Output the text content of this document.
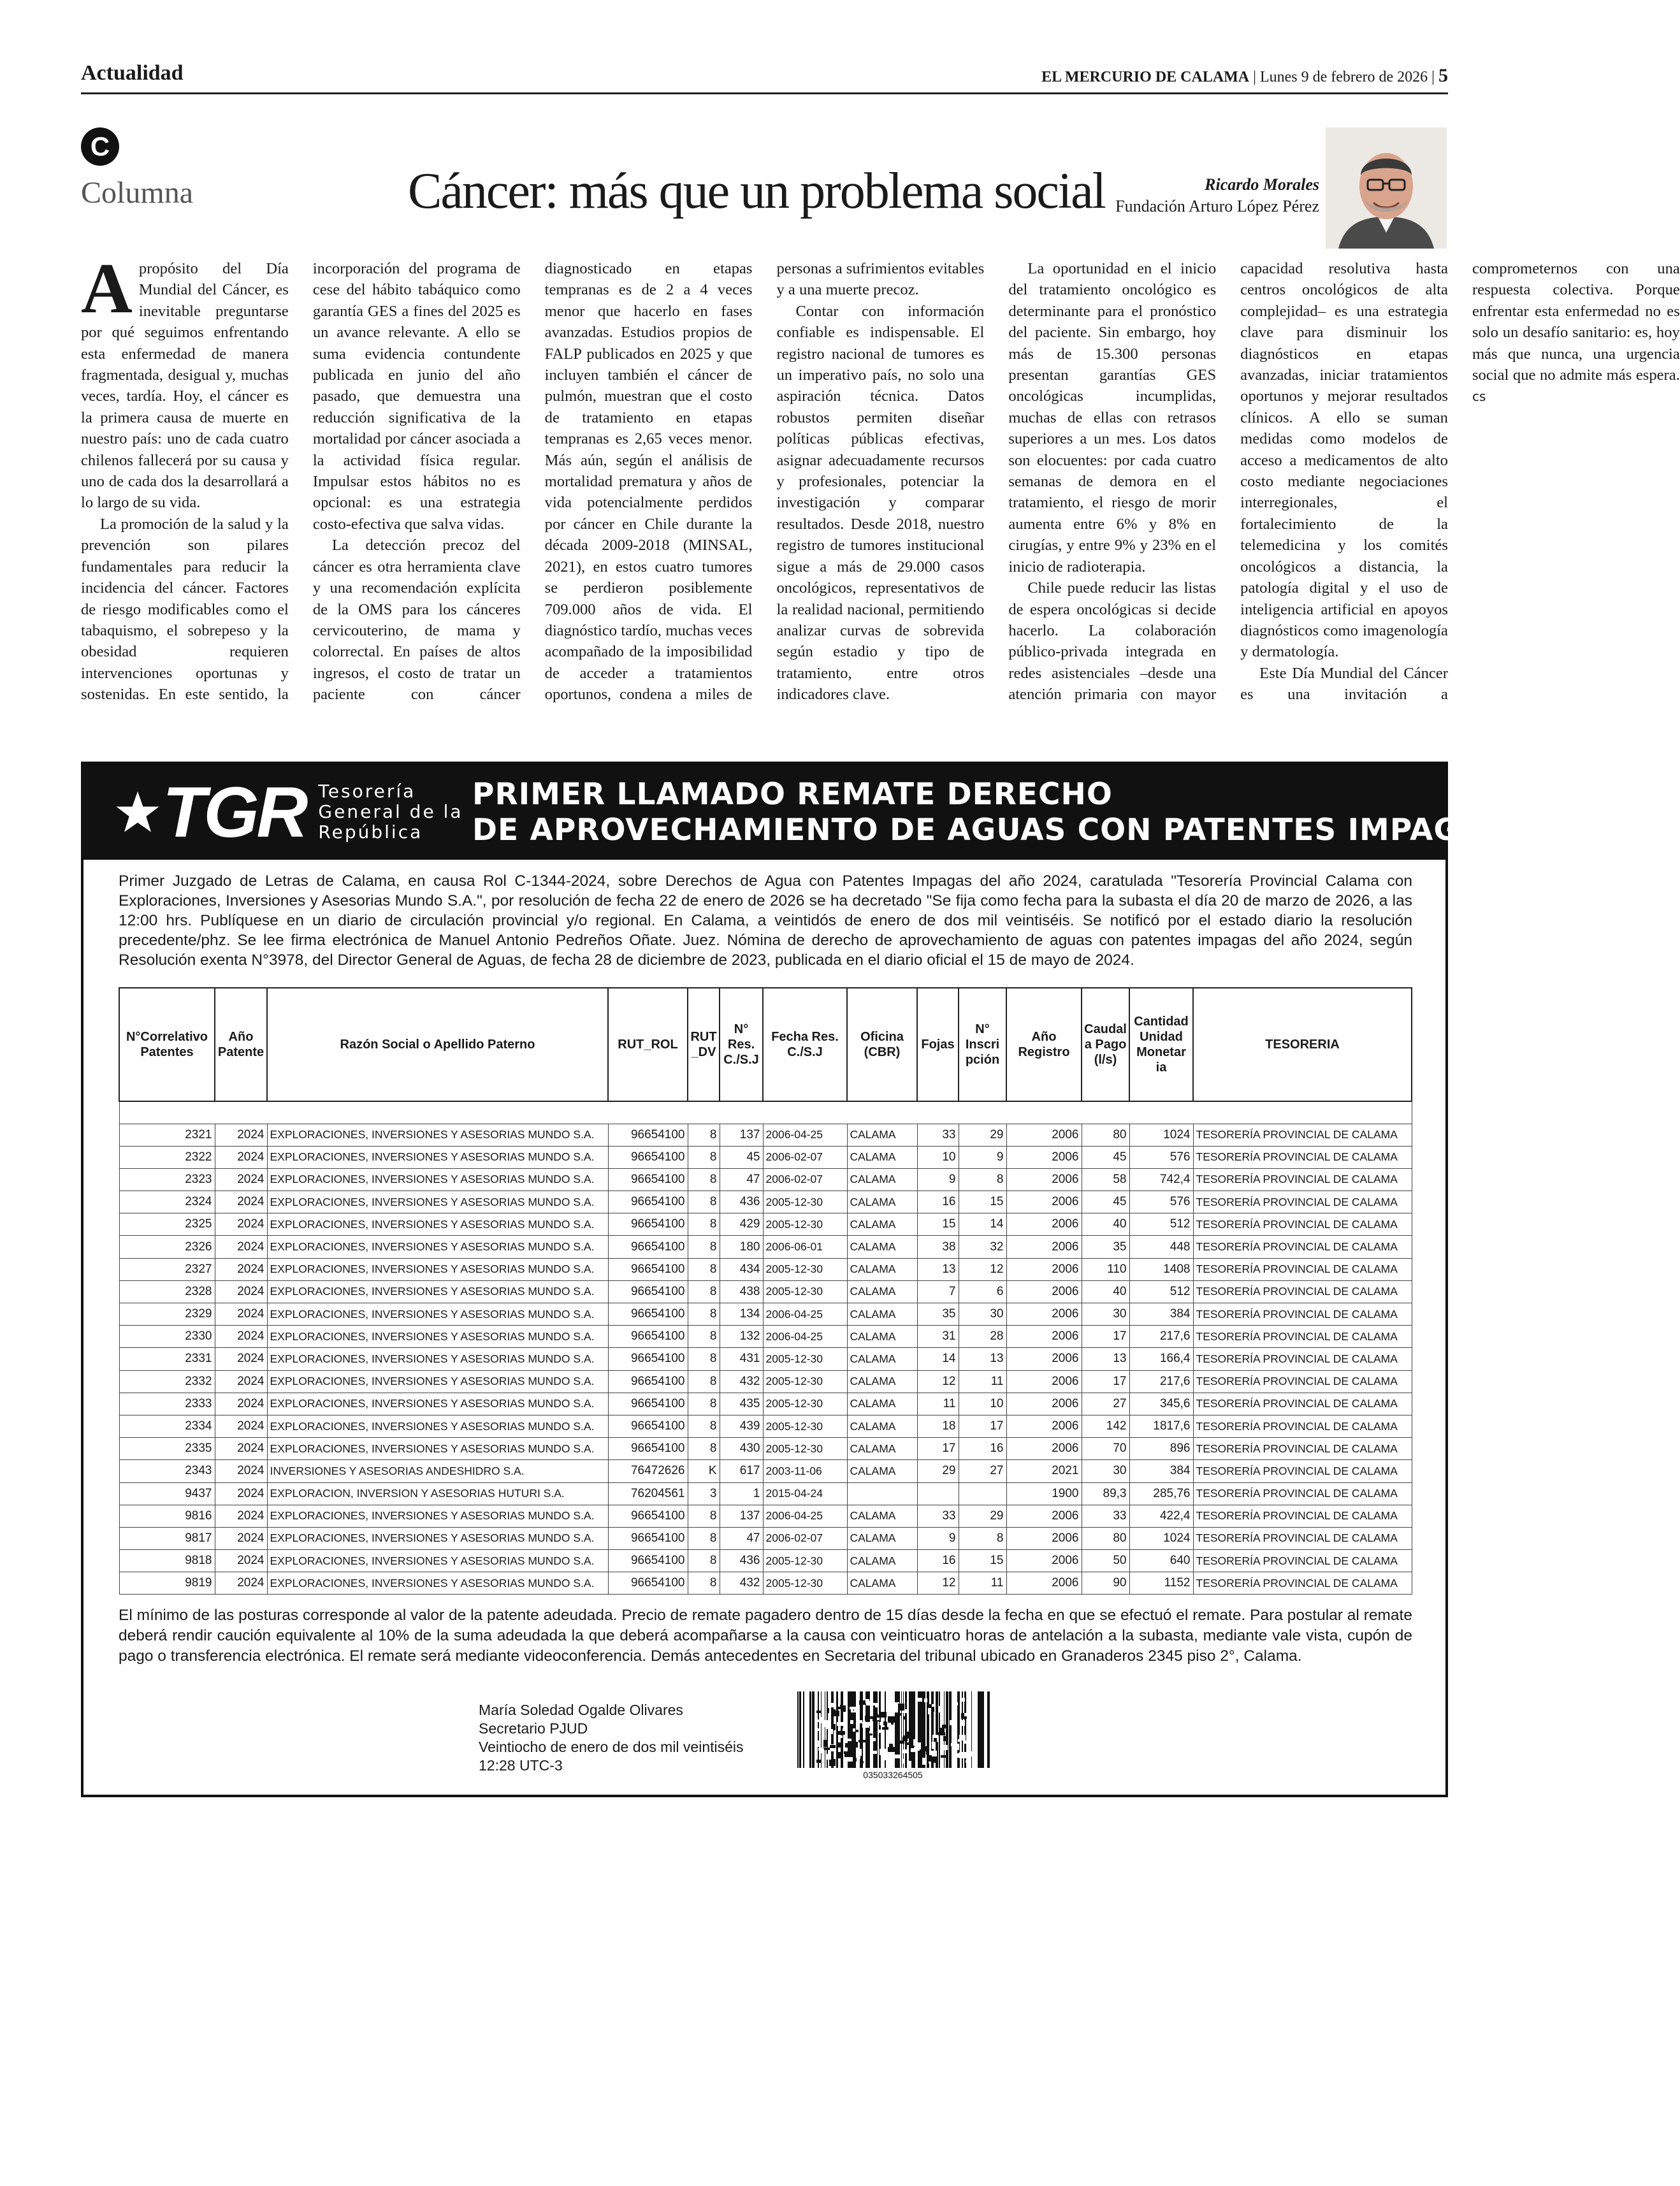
Actualidad	EL MERCURIO DE CALAMA | Lunes 9 de febrero de 2026 | 5
C
Columna	Cáncer: más que un problema social	Ricardo Morales
Fundación Arturo López Pérez

Apropósito del Día Mundial del Cáncer, es inevitable preguntarse por qué seguimos enfrentando esta enfermedad de manera fragmentada, desigual y, muchas veces, tardía. Hoy, el cáncer es la primera causa de muerte en nuestro país: uno de cada cuatro chilenos fallecerá por su causa y uno de cada dos la desarrollará a lo largo de su vida.

La promoción de la salud y la prevención son pilares fundamentales para reducir la incidencia del cáncer. Factores de riesgo modificables como el tabaquismo, el sobrepeso y la obesidad requieren intervenciones oportunas y sostenidas. En este sentido, la incorporación del programa de cese del hábito tabáquico como garantía GES a fines del 2025 es un avance relevante. A ello se suma evidencia contundente publicada en junio del año pasado, que demuestra una reducción significativa de la mortalidad por cáncer asociada a la actividad física regular. Impulsar estos hábitos no es opcional: es una estrategia costo-efectiva que salva vidas.

La detección precoz del cáncer es otra herramienta clave y una recomendación explícita de la OMS para los cánceres cervicouterino, de mama y colorrectal. En países de altos ingresos, el costo de tratar un paciente con cáncer diagnosticado en etapas tempranas es de 2 a 4 veces menor que hacerlo en fases avanzadas. Estudios propios de FALP publicados en 2025 y que incluyen también el cáncer de pulmón, muestran que el costo de tratamiento en etapas tempranas es 2,65 veces menor. Más aún, según el análisis de mortalidad prematura y años de vida potencialmente perdidos por cáncer en Chile durante la década 2009-2018 (MINSAL, 2021), en estos cuatro tumores se perdieron posiblemente 709.000 años de vida. El diagnóstico tardío, muchas veces acompañado de la imposibilidad de acceder a tratamientos oportunos, condena a miles de personas a sufrimientos evitables y a una muerte precoz.

Contar con información confiable es indispensable. El registro nacional de tumores es un imperativo país, no solo una aspiración técnica. Datos robustos permiten diseñar políticas públicas efectivas, asignar adecuadamente recursos y profesionales, potenciar la investigación y comparar resultados. Desde 2018, nuestro registro de tumores institucional sigue a más de 29.000 casos oncológicos, representativos de la realidad nacional, permitiendo analizar curvas de sobrevida según estadio y tipo de tratamiento, entre otros indicadores clave.

La oportunidad en el inicio del tratamiento oncológico es determinante para el pronóstico del paciente. Sin embargo, hoy más de 15.300 personas presentan garantías GES oncológicas incumplidas, muchas de ellas con retrasos superiores a un mes. Los datos son elocuentes: por cada cuatro semanas de demora en el tratamiento, el riesgo de morir aumenta entre 6% y 8% en cirugías, y entre 9% y 23% en el inicio de radioterapia.

Chile puede reducir las listas de espera oncológicas si decide hacerlo. La colaboración público-privada integrada en redes asistenciales –desde una atención primaria con mayor capacidad resolutiva hasta centros oncológicos de alta complejidad– es una estrategia clave para disminuir los diagnósticos en etapas avanzadas, iniciar tratamientos oportunos y mejorar resultados clínicos. A ello se suman medidas como modelos de acceso a medicamentos de alto costo mediante negociaciones interregionales, el fortalecimiento de la telemedicina y los comités oncológicos a distancia, la patología digital y el uso de inteligencia artificial en apoyos diagnósticos como imagenología y dermatología.

Este Día Mundial del Cáncer es una invitación a comprometernos con una respuesta colectiva. Porque enfrentar esta enfermedad no es solo un desafío sanitario: es, hoy más que nunca, una urgencia social que no admite más espera. cs

TGR Tesorería
General de la
República
PRIMER LLAMADO REMATE DERECHO
DE APROVECHAMIENTO DE AGUAS CON PATENTES IMPAGAS
Primer Juzgado de Letras de Calama, en causa Rol C-1344-2024, sobre Derechos de Agua con Patentes Impagas del año 2024, caratulada "Tesorería Provincial Calama con Exploraciones, Inversiones y Asesorias Mundo S.A.", por resolución de fecha 22 de enero de 2026 se ha decretado "Se fija como fecha para la subasta el día 20 de marzo de 2026, a las 12:00 hrs. Publíquese en un diario de circulación provincial y/o regional. En Calama, a veintidós de enero de dos mil veintiséis. Se notificó por el estado diario la resolución precedente/phz. Se lee firma electrónica de Manuel Antonio Pedreños Oñate. Juez. Nómina de derecho de aprovechamiento de aguas con patentes impagas del año 2024, según Resolución exenta N°3978, del Director General de Aguas, de fecha 28 de diciembre de 2023, publicada en el diario oficial el 15 de mayo de 2024.
N°Correlativo Patentes	Año Patente	Razón Social o Apellido Paterno	RUT_ROL	RUT _DV	N° Res. C./S.J	Fecha Res. C./S.J	Oficina (CBR)	Fojas	N° Inscri pción	Año Registro	Caudal a Pago (l/s)	Cantidad Unidad Monetar ia	TESORERIA

2321	2024	EXPLORACIONES, INVERSIONES Y ASESORIAS MUNDO S.A.	96654100	8	137	2006-04-25	CALAMA	33	29	2006	80	1024	TESORERÍA PROVINCIAL DE CALAMA
2322	2024	EXPLORACIONES, INVERSIONES Y ASESORIAS MUNDO S.A.	96654100	8	45	2006-02-07	CALAMA	10	9	2006	45	576	TESORERÍA PROVINCIAL DE CALAMA
2323	2024	EXPLORACIONES, INVERSIONES Y ASESORIAS MUNDO S.A.	96654100	8	47	2006-02-07	CALAMA	9	8	2006	58	742,4	TESORERÍA PROVINCIAL DE CALAMA
2324	2024	EXPLORACIONES, INVERSIONES Y ASESORIAS MUNDO S.A.	96654100	8	436	2005-12-30	CALAMA	16	15	2006	45	576	TESORERÍA PROVINCIAL DE CALAMA
2325	2024	EXPLORACIONES, INVERSIONES Y ASESORIAS MUNDO S.A.	96654100	8	429	2005-12-30	CALAMA	15	14	2006	40	512	TESORERÍA PROVINCIAL DE CALAMA
2326	2024	EXPLORACIONES, INVERSIONES Y ASESORIAS MUNDO S.A.	96654100	8	180	2006-06-01	CALAMA	38	32	2006	35	448	TESORERÍA PROVINCIAL DE CALAMA
2327	2024	EXPLORACIONES, INVERSIONES Y ASESORIAS MUNDO S.A.	96654100	8	434	2005-12-30	CALAMA	13	12	2006	110	1408	TESORERÍA PROVINCIAL DE CALAMA
2328	2024	EXPLORACIONES, INVERSIONES Y ASESORIAS MUNDO S.A.	96654100	8	438	2005-12-30	CALAMA	7	6	2006	40	512	TESORERÍA PROVINCIAL DE CALAMA
2329	2024	EXPLORACIONES, INVERSIONES Y ASESORIAS MUNDO S.A.	96654100	8	134	2006-04-25	CALAMA	35	30	2006	30	384	TESORERÍA PROVINCIAL DE CALAMA
2330	2024	EXPLORACIONES, INVERSIONES Y ASESORIAS MUNDO S.A.	96654100	8	132	2006-04-25	CALAMA	31	28	2006	17	217,6	TESORERÍA PROVINCIAL DE CALAMA
2331	2024	EXPLORACIONES, INVERSIONES Y ASESORIAS MUNDO S.A.	96654100	8	431	2005-12-30	CALAMA	14	13	2006	13	166,4	TESORERÍA PROVINCIAL DE CALAMA
2332	2024	EXPLORACIONES, INVERSIONES Y ASESORIAS MUNDO S.A.	96654100	8	432	2005-12-30	CALAMA	12	11	2006	17	217,6	TESORERÍA PROVINCIAL DE CALAMA
2333	2024	EXPLORACIONES, INVERSIONES Y ASESORIAS MUNDO S.A.	96654100	8	435	2005-12-30	CALAMA	11	10	2006	27	345,6	TESORERÍA PROVINCIAL DE CALAMA
2334	2024	EXPLORACIONES, INVERSIONES Y ASESORIAS MUNDO S.A.	96654100	8	439	2005-12-30	CALAMA	18	17	2006	142	1817,6	TESORERÍA PROVINCIAL DE CALAMA
2335	2024	EXPLORACIONES, INVERSIONES Y ASESORIAS MUNDO S.A.	96654100	8	430	2005-12-30	CALAMA	17	16	2006	70	896	TESORERÍA PROVINCIAL DE CALAMA
2343	2024	INVERSIONES Y ASESORIAS ANDESHIDRO S.A.	76472626	K	617	2003-11-06	CALAMA	29	27	2021	30	384	TESORERÍA PROVINCIAL DE CALAMA
9437	2024	EXPLORACION, INVERSION Y ASESORIAS HUTURI S.A.	76204561	3	1	2015-04-24				1900	89,3	285,76	TESORERÍA PROVINCIAL DE CALAMA
9816	2024	EXPLORACIONES, INVERSIONES Y ASESORIAS MUNDO S.A.	96654100	8	137	2006-04-25	CALAMA	33	29	2006	33	422,4	TESORERÍA PROVINCIAL DE CALAMA
9817	2024	EXPLORACIONES, INVERSIONES Y ASESORIAS MUNDO S.A.	96654100	8	47	2006-02-07	CALAMA	9	8	2006	80	1024	TESORERÍA PROVINCIAL DE CALAMA
9818	2024	EXPLORACIONES, INVERSIONES Y ASESORIAS MUNDO S.A.	96654100	8	436	2005-12-30	CALAMA	16	15	2006	50	640	TESORERÍA PROVINCIAL DE CALAMA
9819	2024	EXPLORACIONES, INVERSIONES Y ASESORIAS MUNDO S.A.	96654100	8	432	2005-12-30	CALAMA	12	11	2006	90	1152	TESORERÍA PROVINCIAL DE CALAMA
El mínimo de las posturas corresponde al valor de la patente adeudada. Precio de remate pagadero dentro de 15 días desde la fecha en que se efectuó el remate. Para postular al remate deberá rendir caución equivalente al 10% de la suma adeudada la que deberá acompañarse a la causa con veinticuatro horas de antelación a la subasta, mediante vale vista, cupón de pago o transferencia electrónica. El remate será mediante videoconferencia. Demás antecedentes en Secretaria del tribunal ubicado en Granaderos 2345 piso 2°, Calama.
María Soledad Ogalde Olivares
Secretario PJUD
Veintiocho de enero de dos mil veintiséis
12:28 UTC-3
035033264505
